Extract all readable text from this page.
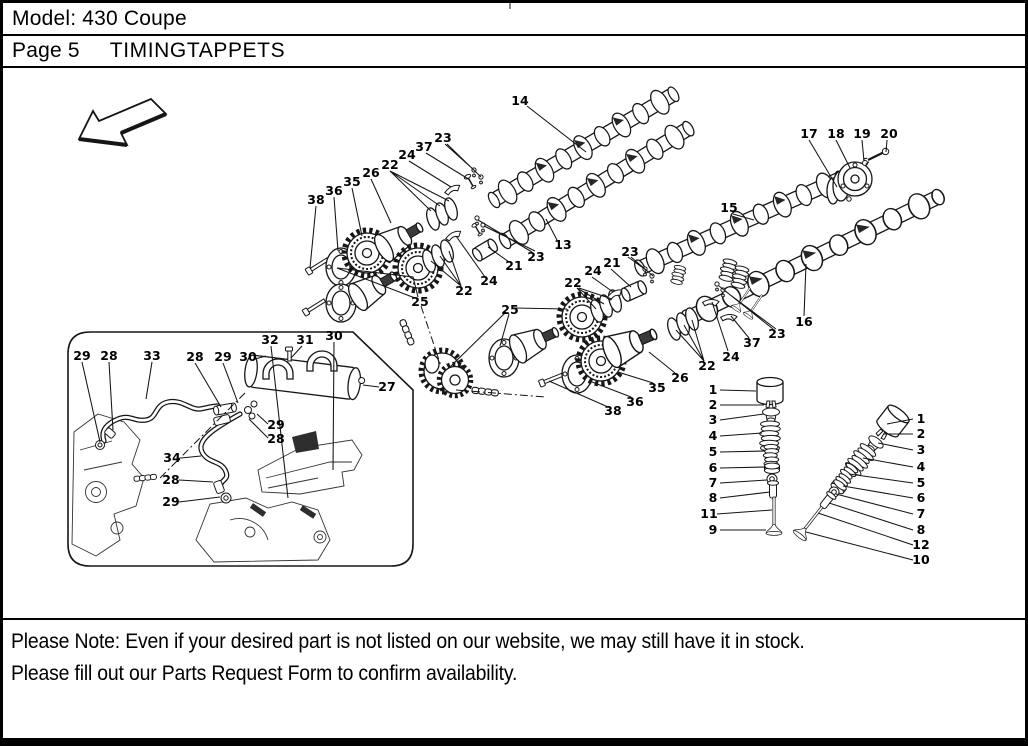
Model: 430 Coupe
Page 5 TIMINGTAPPETS
38
36
35
26
22
24
37
23
14
13
23
21
24
22
25
25
23
21
24
22
17 18 19 20
15
16
23
37
24
22
26
35
36
38
1
2
3
4
5
6
7
8
11
9
1
2
3
4
5
6
7
8
12
10
29 28 33 28 29 30
32 31 30
27
29
28
34
28
29
Please Note: Even if your desired part is not listed on our website, we may still have it in stock.
Please fill out our Parts Request Form to confirm availability.
